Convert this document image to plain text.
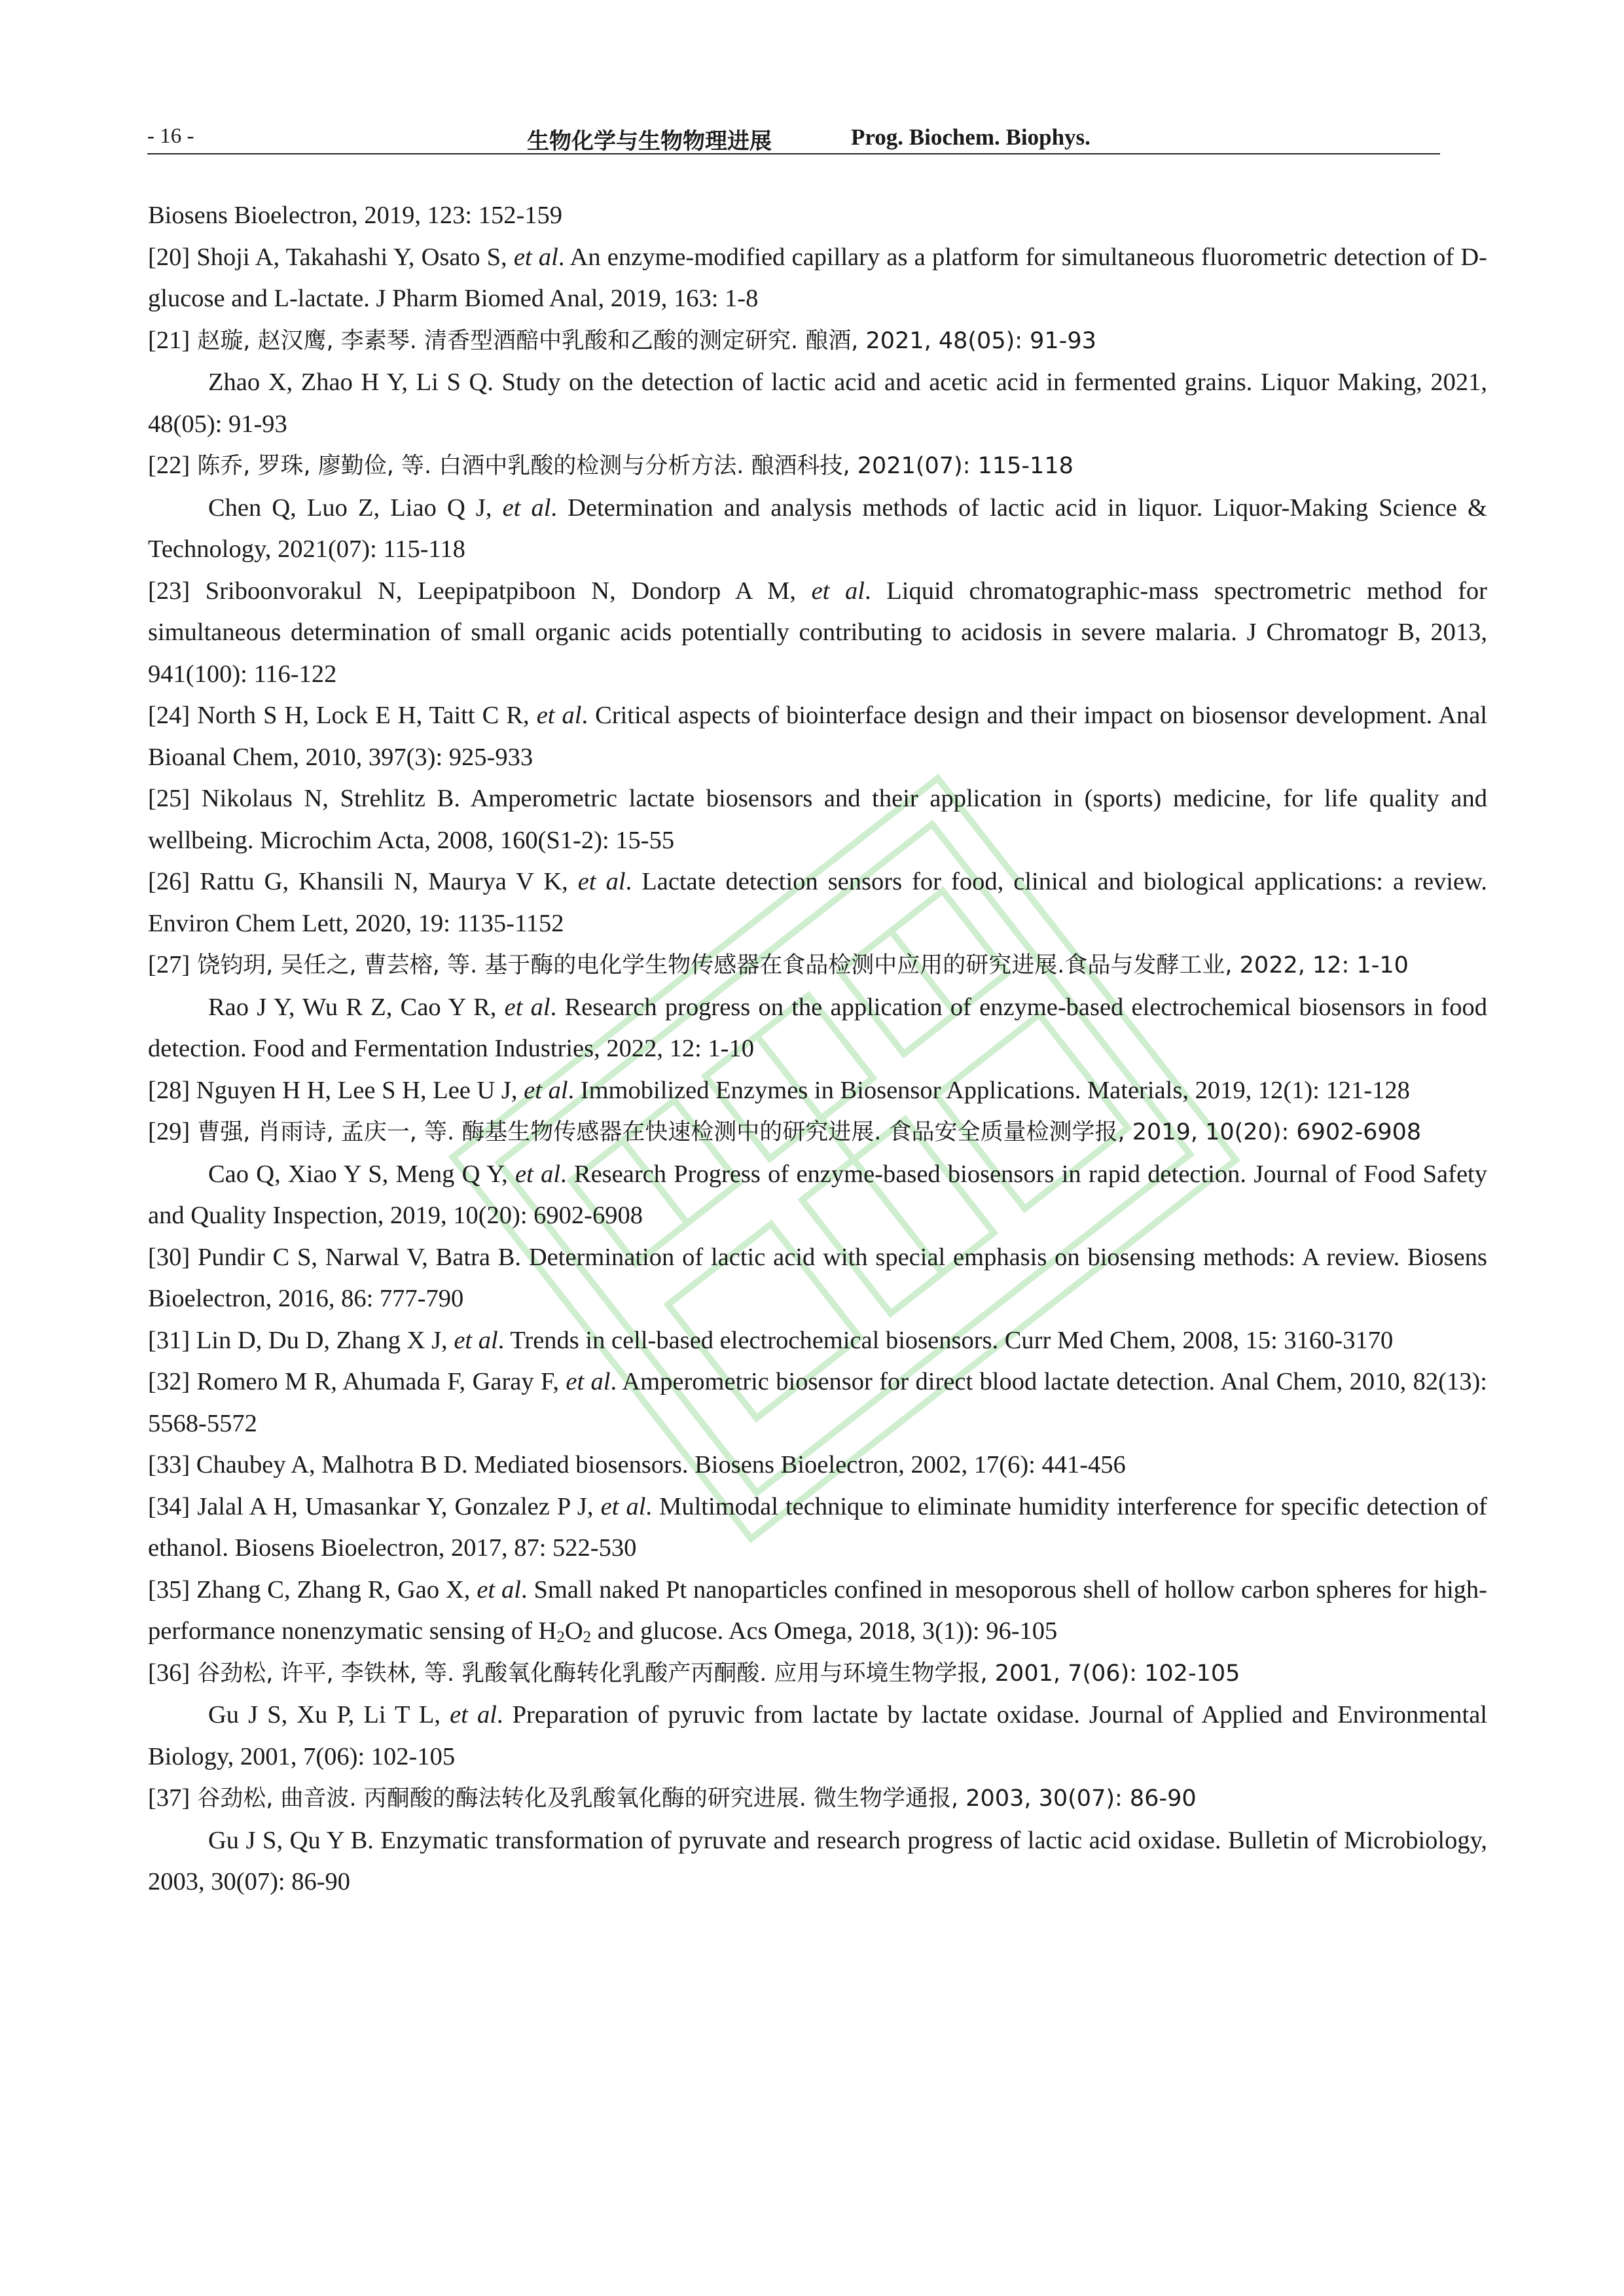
- 16 -	生物化学与生物物理进展	Prog. Biochem. Biophys.

Biosens Bioelectron, 2019, 123: 152-159

[20] Shoji A, Takahashi Y, Osato S, et al. An enzyme-modified capillary as a platform for simultaneous fluorometric detection of D-glucose and L-lactate. J Pharm Biomed Anal, 2019, 163: 1-8

[21] 赵璇, 赵汉鹰, 李素琴. 清香型酒醅中乳酸和乙酸的测定研究. 酿酒, 2021, 48(05): 91-93

Zhao X, Zhao H Y, Li S Q. Study on the detection of lactic acid and acetic acid in fermented grains. Liquor Making, 2021, 48(05): 91-93

[22] 陈乔, 罗珠, 廖勤俭, 等. 白酒中乳酸的检测与分析方法. 酿酒科技, 2021(07): 115-118

Chen Q, Luo Z, Liao Q J, et al. Determination and analysis methods of lactic acid in liquor. Liquor-Making Science & Technology, 2021(07): 115-118

[23] Sriboonvorakul N, Leepipatpiboon N, Dondorp A M, et al. Liquid chromatographic-mass spectrometric method for simultaneous determination of small organic acids potentially contributing to acidosis in severe malaria. J Chromatogr B, 2013, 941(100): 116-122

[24] North S H, Lock E H, Taitt C R, et al. Critical aspects of biointerface design and their impact on biosensor development. Anal Bioanal Chem, 2010, 397(3): 925-933

[25] Nikolaus N, Strehlitz B. Amperometric lactate biosensors and their application in (sports) medicine, for life quality and wellbeing. Microchim Acta, 2008, 160(S1-2): 15-55

[26] Rattu G, Khansili N, Maurya V K, et al. Lactate detection sensors for food, clinical and biological applications: a review. Environ Chem Lett, 2020, 19: 1135-1152

[27] 饶钧玥, 吴任之, 曹芸榕, 等. 基于酶的电化学生物传感器在食品检测中应用的研究进展.食品与发酵工业, 2022, 12: 1-10

Rao J Y, Wu R Z, Cao Y R, et al. Research progress on the application of enzyme-based electrochemical biosensors in food detection. Food and Fermentation Industries, 2022, 12: 1-10

[28] Nguyen H H, Lee S H, Lee U J, et al. Immobilized Enzymes in Biosensor Applications. Materials, 2019, 12(1): 121-128

[29] 曹强, 肖雨诗, 孟庆一, 等. 酶基生物传感器在快速检测中的研究进展. 食品安全质量检测学报, 2019, 10(20): 6902-6908

Cao Q, Xiao Y S, Meng Q Y, et al. Research Progress of enzyme-based biosensors in rapid detection. Journal of Food Safety and Quality Inspection, 2019, 10(20): 6902-6908

[30] Pundir C S, Narwal V, Batra B. Determination of lactic acid with special emphasis on biosensing methods: A review. Biosens Bioelectron, 2016, 86: 777-790

[31] Lin D, Du D, Zhang X J, et al. Trends in cell-based electrochemical biosensors. Curr Med Chem, 2008, 15: 3160-3170

[32] Romero M R, Ahumada F, Garay F, et al. Amperometric biosensor for direct blood lactate detection. Anal Chem, 2010, 82(13): 5568-5572

[33] Chaubey A, Malhotra B D. Mediated biosensors. Biosens Bioelectron, 2002, 17(6): 441-456

[34] Jalal A H, Umasankar Y, Gonzalez P J, et al. Multimodal technique to eliminate humidity interference for specific detection of ethanol. Biosens Bioelectron, 2017, 87: 522-530

[35] Zhang C, Zhang R, Gao X, et al. Small naked Pt nanoparticles confined in mesoporous shell of hollow carbon spheres for high-performance nonenzymatic sensing of $H_2O_2$ and glucose. Acs Omega, 2018, 3(1)): 96-105

[36] 谷劲松, 许平, 李铁林, 等. 乳酸氧化酶转化乳酸产丙酮酸. 应用与环境生物学报, 2001, 7(06): 102-105

Gu J S, Xu P, Li T L, et al. Preparation of pyruvic from lactate by lactate oxidase. Journal of Applied and Environmental Biology, 2001, 7(06): 102-105

[37] 谷劲松, 曲音波. 丙酮酸的酶法转化及乳酸氧化酶的研究进展. 微生物学通报, 2003, 30(07): 86-90

Gu J S, Qu Y B. Enzymatic transformation of pyruvate and research progress of lactic acid oxidase. Bulletin of Microbiology, 2003, 30(07): 86-90
